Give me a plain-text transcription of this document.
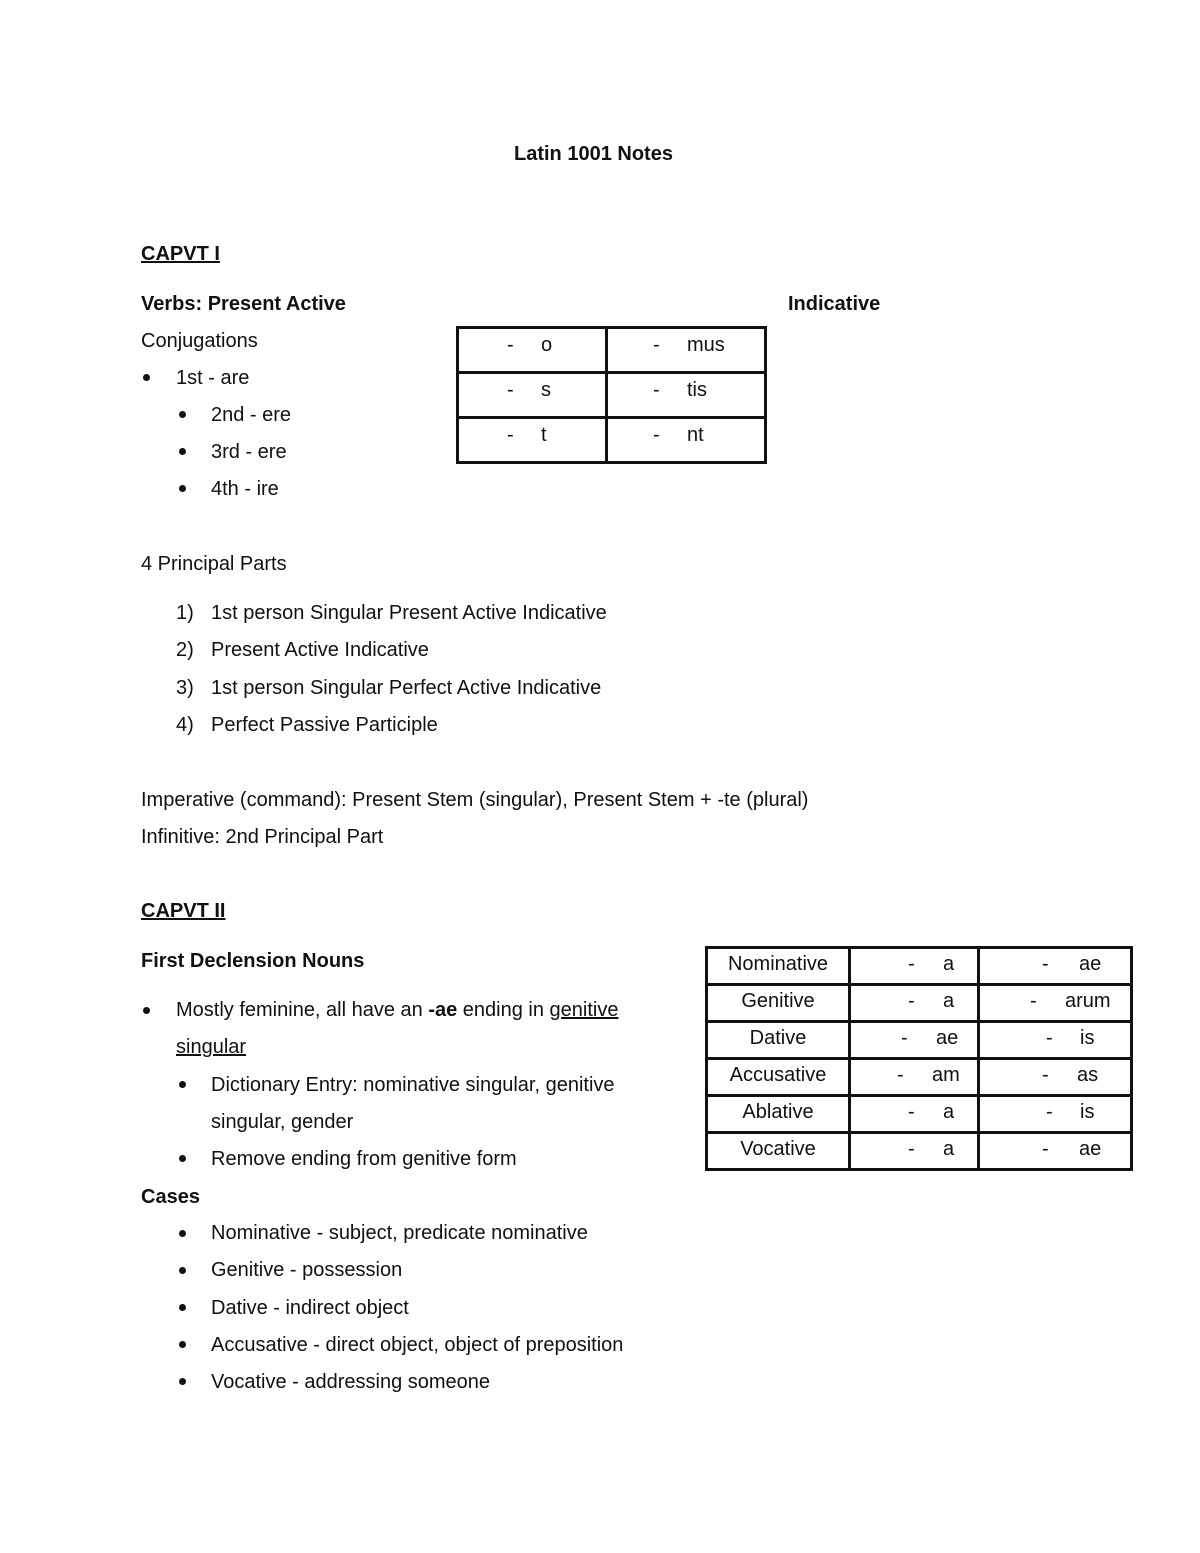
Latin 1001 Notes
CAPVT I
Verbs: Present Active	Indicative
Conjugations
1st - are
2nd - ere
3rd - ere
4th - ire
- o	- mus

- s	- tis

- t	- nt
4 Principal Parts
1) 1st person Singular Present Active Indicative
2) Present Active Indicative
3) 1st person Singular Perfect Active Indicative
4) Perfect Passive Participle
Imperative (command): Present Stem (singular), Present Stem + -te (plural)
Infinitive: 2nd Principal Part
CAPVT II
First Declension Nouns
Mostly feminine, all have an -ae ending in genitive
singular
Dictionary Entry: nominative singular, genitive
singular, gender
Remove ending from genitive form
Cases
Nominative - subject, predicate nominative
Genitive - possession
Dative - indirect object
Accusative - direct object, object of preposition
Vocative - addressing someone
Nominative	- a	- ae

Genitive	- a	- arum

Dative	- ae	- is

Accusative	- am	- as

Ablative	- a	- is

Vocative	- a	- ae
